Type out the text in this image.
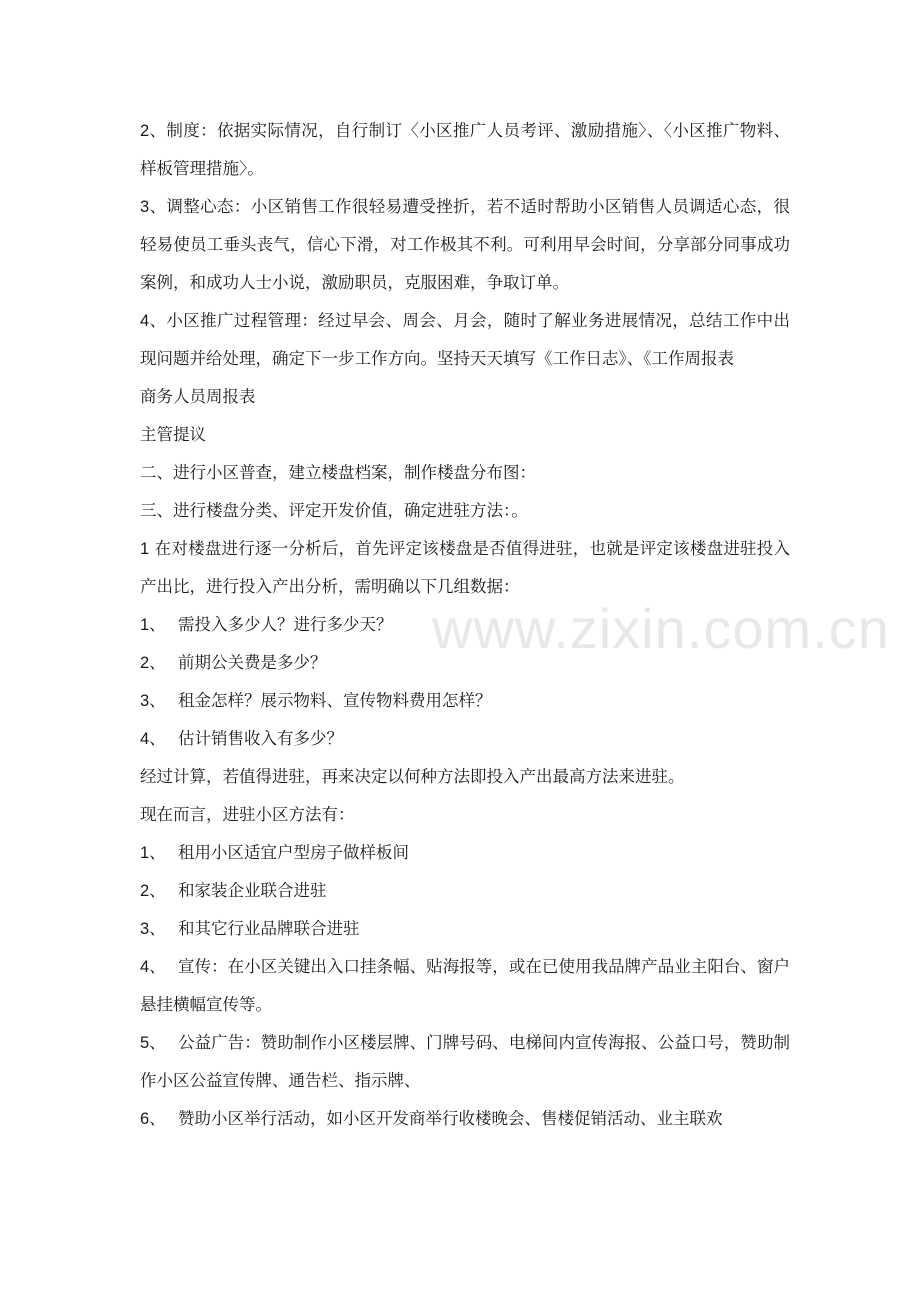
2、制度：依据实际情况，自行制订〈小区推广人员考评、激励措施〉、〈小区推广物料、样板管理措施〉。

3、调整心态：小区销售工作很轻易遭受挫折，若不适时帮助小区销售人员调适心态，很轻易使员工垂头丧气，信心下滑，对工作极其不利。可利用早会时间，分享部分同事成功案例，和成功人士小说，激励职员，克服困难，争取订单。

4、小区推广过程管理：经过早会、周会、月会，随时了解业务进展情况，总结工作中出现问题并给处理，确定下一步工作方向。坚持天天填写《工作日志》、《工作周报表

商务人员周报表

主管提议

二、进行小区普查，建立楼盘档案，制作楼盘分布图：

三、进行楼盘分类、评定开发价值，确定进驻方法：。

1 在对楼盘进行逐一分析后，首先评定该楼盘是否值得进驻，也就是评定该楼盘进驻投入产出比，进行投入产出分析，需明确以下几组数据：

1、 需投入多少人？进行多少天？

2、 前期公关费是多少？

3、 租金怎样？展示物料、宣传物料费用怎样？

4、 估计销售收入有多少？

经过计算，若值得进驻，再来决定以何种方法即投入产出最高方法来进驻。

现在而言，进驻小区方法有：

1、 租用小区适宜户型房子做样板间

2、 和家装企业联合进驻

3、 和其它行业品牌联合进驻

4、 宣传：在小区关键出入口挂条幅、贴海报等，或在已使用我品牌产品业主阳台、窗户悬挂横幅宣传等。

5、 公益广告：赞助制作小区楼层牌、门牌号码、电梯间内宣传海报、公益口号，赞助制作小区公益宣传牌、通告栏、指示牌、

6、 赞助小区举行活动，如小区开发商举行收楼晚会、售楼促销活动、业主联欢

www.zixin.com.cn
